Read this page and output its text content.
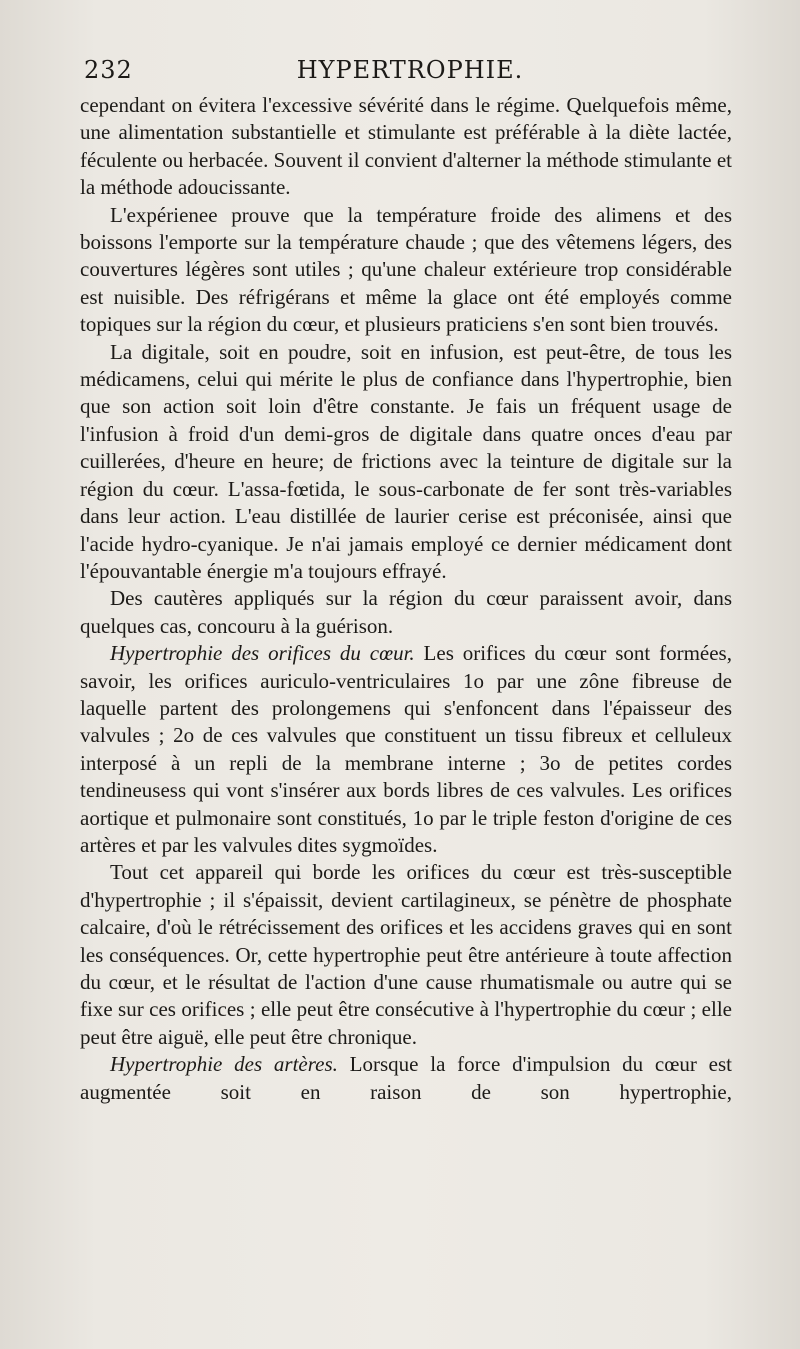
232	HYPERTROPHIE.

cependant on évitera l'excessive sévérité dans le régime. Quelquefois même, une alimentation substantielle et stimulante est préférable à la diète lactée, féculente ou herbacée. Souvent il convient d'alterner la méthode stimulante et la méthode adoucissante.

L'expérienee prouve que la température froide des alimens et des boissons l'emporte sur la température chaude ; que des vêtemens légers, des couvertures légères sont utiles ; qu'une chaleur extérieure trop considérable est nuisible. Des réfrigérans et même la glace ont été employés comme topiques sur la région du cœur, et plusieurs praticiens s'en sont bien trouvés.

La digitale, soit en poudre, soit en infusion, est peut-être, de tous les médicamens, celui qui mérite le plus de confiance dans l'hypertrophie, bien que son action soit loin d'être constante. Je fais un fréquent usage de l'infusion à froid d'un demi-gros de digitale dans quatre onces d'eau par cuillerées, d'heure en heure; de frictions avec la teinture de digitale sur la région du cœur. L'assa-fœtida, le sous-carbonate de fer sont très-variables dans leur action. L'eau distillée de laurier cerise est préconisée, ainsi que l'acide hydro-cyanique. Je n'ai jamais employé ce dernier médicament dont l'épouvantable énergie m'a toujours effrayé.

Des cautères appliqués sur la région du cœur paraissent avoir, dans quelques cas, concouru à la guérison.

Hypertrophie des orifices du cœur. Les orifices du cœur sont formées, savoir, les orifices auriculo-ventriculaires 1o par une zône fibreuse de laquelle partent des prolongemens qui s'enfoncent dans l'épaisseur des valvules ; 2o de ces valvules que constituent un tissu fibreux et celluleux interposé à un repli de la membrane interne ; 3o de petites cordes tendineusess qui vont s'insérer aux bords libres de ces valvules. Les orifices aortique et pulmonaire sont constitués, 1o par le triple feston d'origine de ces artères et par les valvules dites sygmoïdes.

Tout cet appareil qui borde les orifices du cœur est très-susceptible d'hypertrophie ; il s'épaissit, devient cartilagineux, se pénètre de phosphate calcaire, d'où le rétrécissement des orifices et les accidens graves qui en sont les conséquences. Or, cette hypertrophie peut être antérieure à toute affection du cœur, et le résultat de l'action d'une cause rhumatismale ou autre qui se fixe sur ces orifices ; elle peut être consécutive à l'hypertrophie du cœur ; elle peut être aiguë, elle peut être chronique.

Hypertrophie des artères. Lorsque la force d'impulsion du cœur est augmentée soit en raison de son hypertrophie,
